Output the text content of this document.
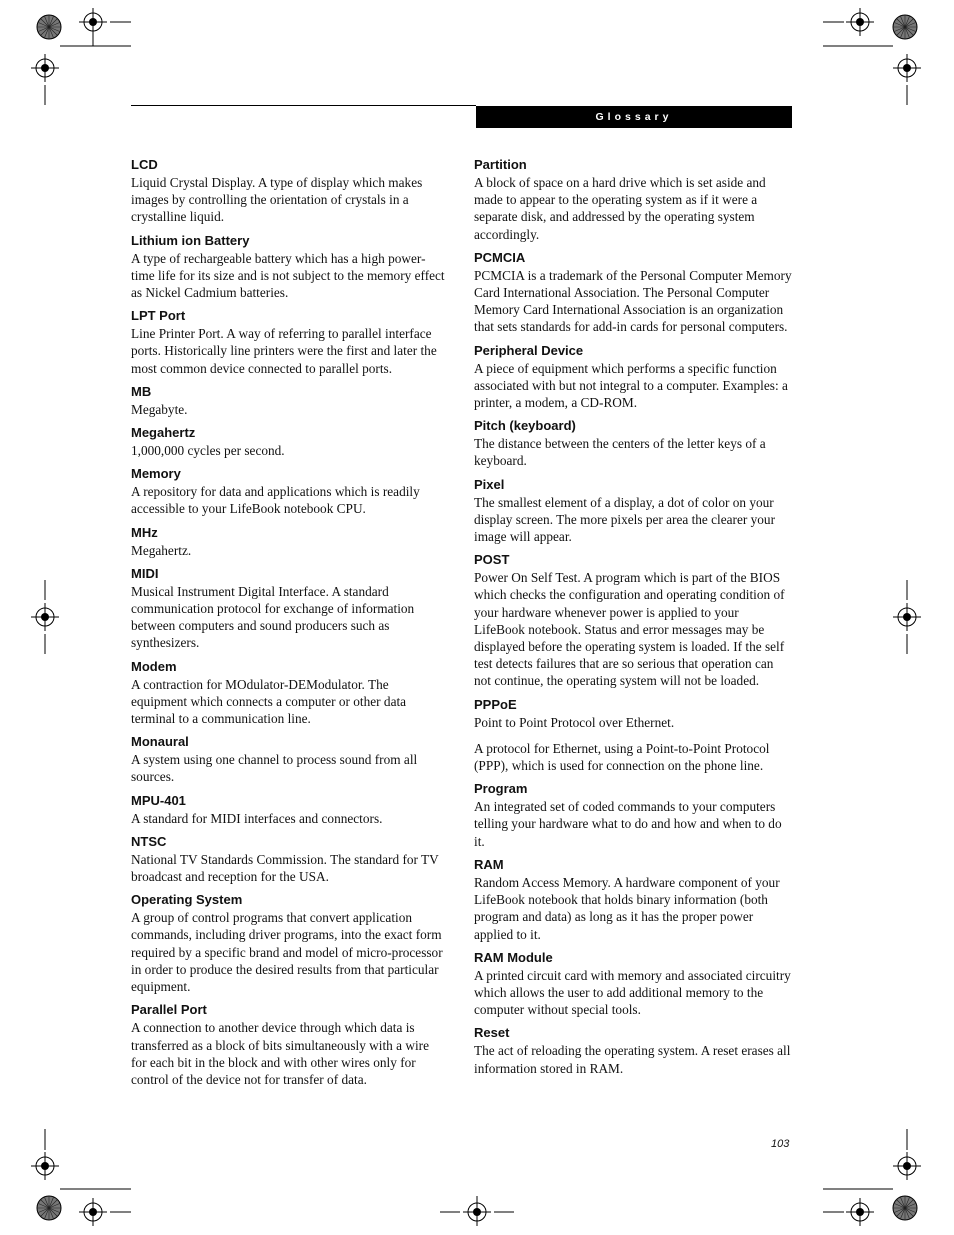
Glossary

LCD

Liquid Crystal Display. A type of display which makes images by controlling the orientation of crystals in a crystalline liquid.

Lithium ion Battery

A type of rechargeable battery which has a high power-time life for its size and is not subject to the memory effect as Nickel Cadmium batteries.

LPT Port

Line Printer Port. A way of referring to parallel interface ports. Historically line printers were the first and later the most common device connected to parallel ports.

MB

Megabyte.

Megahertz

1,000,000 cycles per second.

Memory

A repository for data and applications which is readily accessible to your LifeBook notebook CPU.

MHz

Megahertz.

MIDI

Musical Instrument Digital Interface. A standard communication protocol for exchange of information between computers and sound producers such as synthesizers.

Modem

A contraction for MOdulator-DEModulator. The equipment which connects a computer or other data terminal to a communication line.

Monaural

A system using one channel to process sound from all sources.

MPU-401

A standard for MIDI interfaces and connectors.

NTSC

National TV Standards Commission. The standard for TV broadcast and reception for the USA.

Operating System

A group of control programs that convert application commands, including driver programs, into the exact form required by a specific brand and model of micro-processor in order to produce the desired results from that particular equipment.

Parallel Port

A connection to another device through which data is transferred as a block of bits simultaneously with a wire for each bit in the block and with other wires only for control of the device not for transfer of data.

Partition

A block of space on a hard drive which is set aside and made to appear to the operating system as if it were a separate disk, and addressed by the operating system accordingly.

PCMCIA

PCMCIA is a trademark of the Personal Computer Memory Card International Association. The Personal Computer Memory Card International Association is an organization that sets standards for add-in cards for personal computers.

Peripheral Device

A piece of equipment which performs a specific function associated with but not integral to a computer. Examples: a printer, a modem, a CD-ROM.

Pitch (keyboard)

The distance between the centers of the letter keys of a keyboard.

Pixel

The smallest element of a display, a dot of color on your display screen. The more pixels per area the clearer your image will appear.

POST

Power On Self Test. A program which is part of the BIOS which checks the configuration and operating condition of your hardware whenever power is applied to your LifeBook notebook. Status and error messages may be displayed before the operating system is loaded. If the self test detects failures that are so serious that operation can not continue, the operating system will not be loaded.

PPPoE

Point to Point Protocol over Ethernet.

A protocol for Ethernet, using a Point-to-Point Protocol (PPP), which is used for connection on the phone line.

Program

An integrated set of coded commands to your computers telling your hardware what to do and how and when to do it.

RAM

Random Access Memory. A hardware component of your LifeBook notebook that holds binary information (both program and data) as long as it has the proper power applied to it.

RAM Module

A printed circuit card with memory and associated circuitry which allows the user to add additional memory to the computer without special tools.

Reset

The act of reloading the operating system. A reset erases all information stored in RAM.

103
